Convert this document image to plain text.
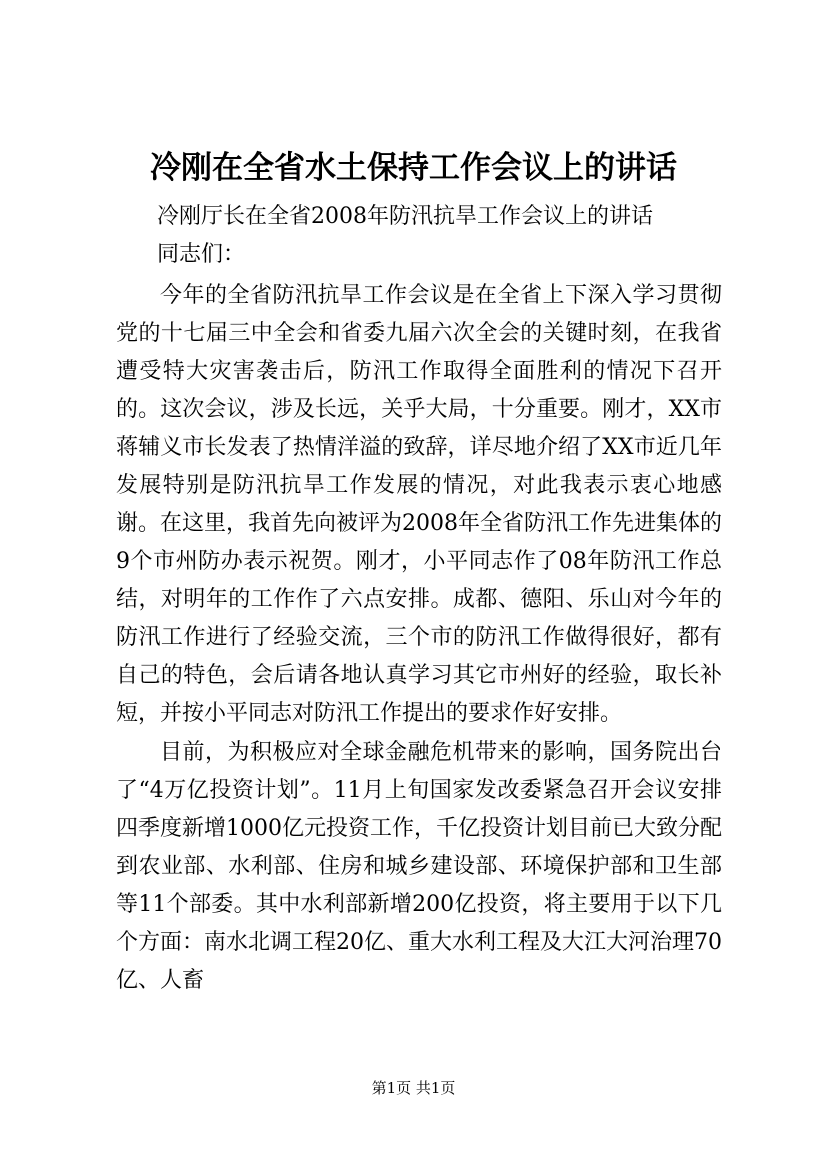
冷刚在全省水土保持工作会议上的讲话
冷刚厅长在全省2008年防汛抗旱工作会议上的讲话
同志们：

今年的全省防汛抗旱工作会议是在全省上下深入学习贯彻党的十七届三中全会和省委九届六次全会的关键时刻，在我省遭受特大灾害袭击后，防汛工作取得全面胜利的情况下召开的。这次会议，涉及长远，关乎大局，十分重要。刚才，XX市蒋辅义市长发表了热情洋溢的致辞，详尽地介绍了XX市近几年发展特别是防汛抗旱工作发展的情况，对此我表示衷心地感谢。在这里，我首先向被评为2008年全省防汛工作先进集体的9个市州防办表示祝贺。刚才，小平同志作了08年防汛工作总结，对明年的工作作了六点安排。成都、德阳、乐山对今年的防汛工作进行了经验交流，三个市的防汛工作做得很好，都有自己的特色，会后请各地认真学习其它市州好的经验，取长补短，并按小平同志对防汛工作提出的要求作好安排。

目前，为积极应对全球金融危机带来的影响，国务院出台了“4万亿投资计划”。11月上旬国家发改委紧急召开会议安排四季度新增1000亿元投资工作，千亿投资计划目前已大致分配到农业部、水利部、住房和城乡建设部、环境保护部和卫生部等11个部委。其中水利部新增200亿投资，将主要用于以下几个方面：南水北调工程20亿、重大水利工程及大江大河治理70亿、人畜

第1页 共1页
